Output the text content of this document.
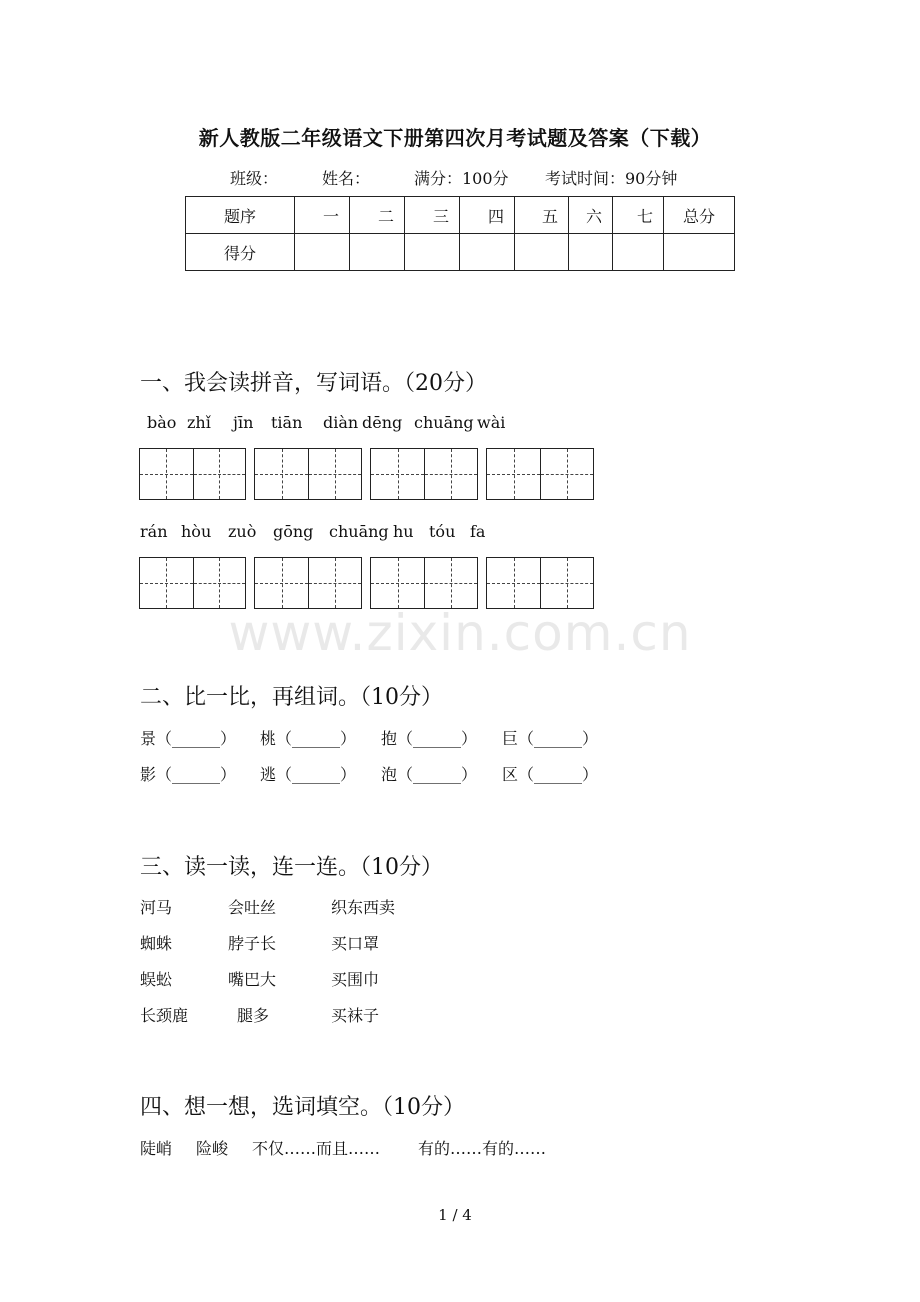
新人教版二年级语文下册第四次月考试题及答案（下载）
班级：	姓名：	满分：100分 考试时间：90分钟
题序	一	二	三	四	五	六	七	总分
得分								
一、我会读拼音，写词语。（20分）
bào zhǐ jīn tiān diàn dēng chuāng wài
rán hòu zuò gōng chuāng hu tóu fa
www.zixin.com.cn
二、比一比，再组词。（10分）
景（______） 桃（______） 抱（______） 巨（______）
影（______） 逃（______） 泡（______） 区（______）
三、读一读，连一连。（10分）
河马	会吐丝	织东西卖
蜘蛛	脖子长	买口罩
蜈蚣	嘴巴大	买围巾
长颈鹿	腿多	买袜子
四、想一想，选词填空。（10分）
陡峭 险峻 不仅……而且…… 有的……有的……
1 / 4
